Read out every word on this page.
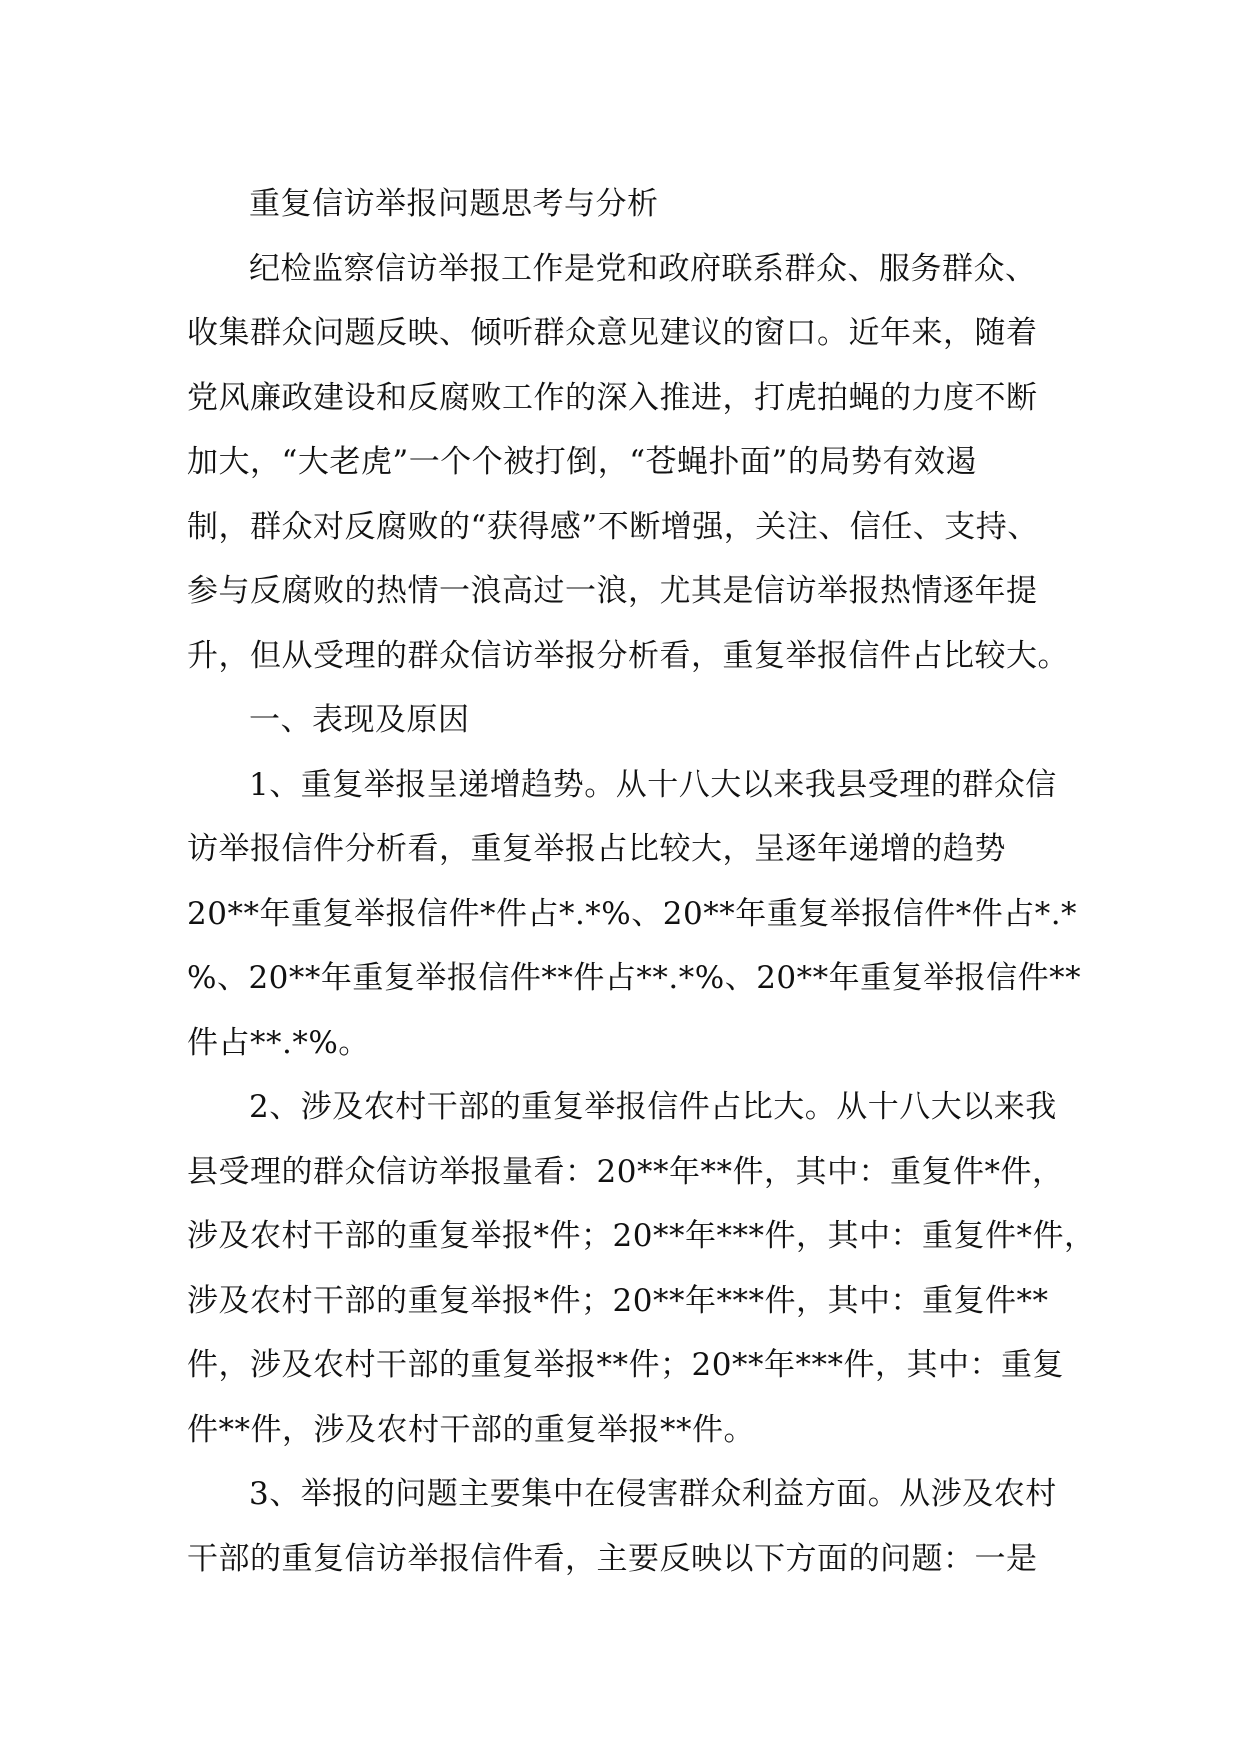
重复信访举报问题思考与分析
纪检监察信访举报工作是党和政府联系群众、服务群众、
收集群众问题反映、倾听群众意见建议的窗口。近年来，随着
党风廉政建设和反腐败工作的深入推进，打虎拍蝇的力度不断
加大，“大老虎”一个个被打倒，“苍蝇扑面”的局势有效遏
制，群众对反腐败的“获得感”不断增强，关注、信任、支持、
参与反腐败的热情一浪高过一浪，尤其是信访举报热情逐年提
升，但从受理的群众信访举报分析看，重复举报信件占比较大。
一、表现及原因
1、重复举报呈递增趋势。从十八大以来我县受理的群众信
访举报信件分析看，重复举报占比较大，呈逐年递增的趋势
20**年重复举报信件*件占*.*%、20**年重复举报信件*件占*.*
%、20**年重复举报信件**件占**.*%、20**年重复举报信件**
件占**.*%。
2、涉及农村干部的重复举报信件占比大。从十八大以来我
县受理的群众信访举报量看：20**年**件，其中：重复件*件，
涉及农村干部的重复举报*件；20**年***件，其中：重复件*件，
涉及农村干部的重复举报*件；20**年***件，其中：重复件**
件，涉及农村干部的重复举报**件；20**年***件，其中：重复
件**件，涉及农村干部的重复举报**件。
3、举报的问题主要集中在侵害群众利益方面。从涉及农村
干部的重复信访举报信件看，主要反映以下方面的问题：一是
